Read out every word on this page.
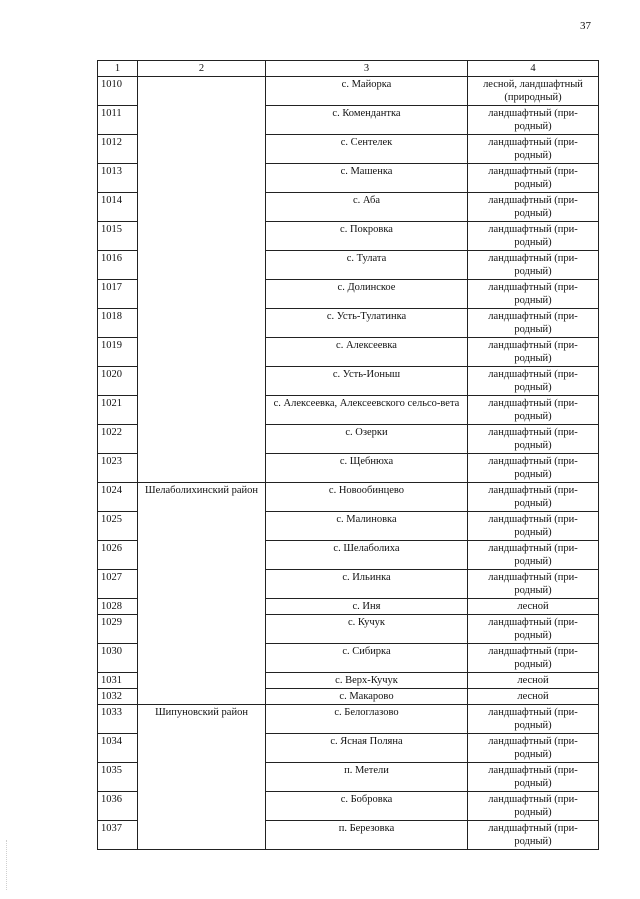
37
1	2	3	4
1010		с. Майорка	лесной, ландшафтный (природный)
1011		с. Комендантка	ландшафтный (при-родный)
1012		с. Сентелек	ландшафтный (при-родный)
1013		с. Машенка	ландшафтный (при-родный)
1014		с. Аба	ландшафтный (при-родный)
1015		с. Покровка	ландшафтный (при-родный)
1016		с. Тулата	ландшафтный (при-родный)
1017		с. Долинское	ландшафтный (при-родный)
1018		с. Усть-Тулатинка	ландшафтный (при-родный)
1019		с. Алексеевка	ландшафтный (при-родный)
1020		с. Усть-Ионыш	ландшафтный (при-родный)
1021		с. Алексеевка, Алексеевского сельсо-вета	ландшафтный (при-родный)
1022		с. Озерки	ландшафтный (при-родный)
1023		с. Щебнюха	ландшафтный (при-родный)
1024	Шелаболихинский район	с. Новообинцево	ландшафтный (при-родный)
1025		с. Малиновка	ландшафтный (при-родный)
1026		с. Шелаболиха	ландшафтный (при-родный)
1027		с. Ильинка	ландшафтный (при-родный)
1028		с. Иня	лесной
1029		с. Кучук	ландшафтный (при-родный)
1030		с. Сибирка	ландшафтный (при-родный)
1031		с. Верх-Кучук	лесной
1032		с. Макарово	лесной
1033	Шипуновский район	с. Белоглазово	ландшафтный (при-родный)
1034		с. Ясная Поляна	ландшафтный (при-родный)
1035		п. Метели	ландшафтный (при-родный)
1036		с. Бобровка	ландшафтный (при-родный)
1037		п. Березовка	ландшафтный (при-родный)
